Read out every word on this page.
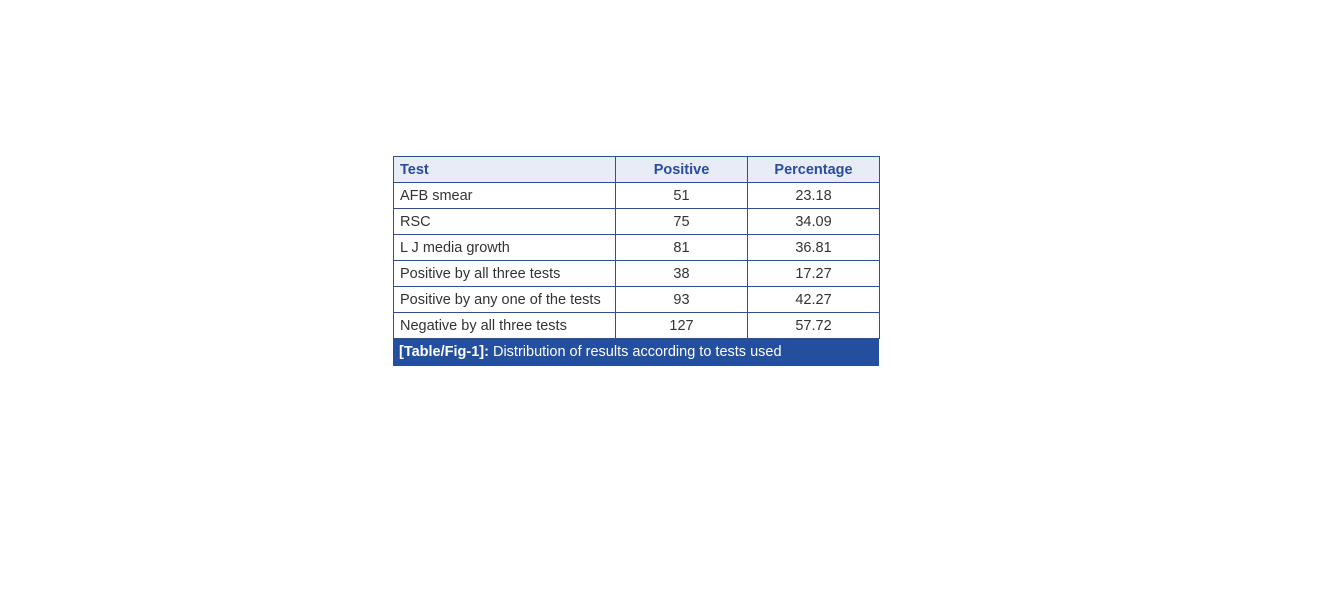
Test	Positive	Percentage
AFB smear	51	23.18
RSC	75	34.09
L J media growth	81	36.81
Positive by all three tests	38	17.27
Positive by any one of the tests	93	42.27
Negative by all three tests	127	57.72
[Table/Fig-1]: Distribution of results according to tests used
